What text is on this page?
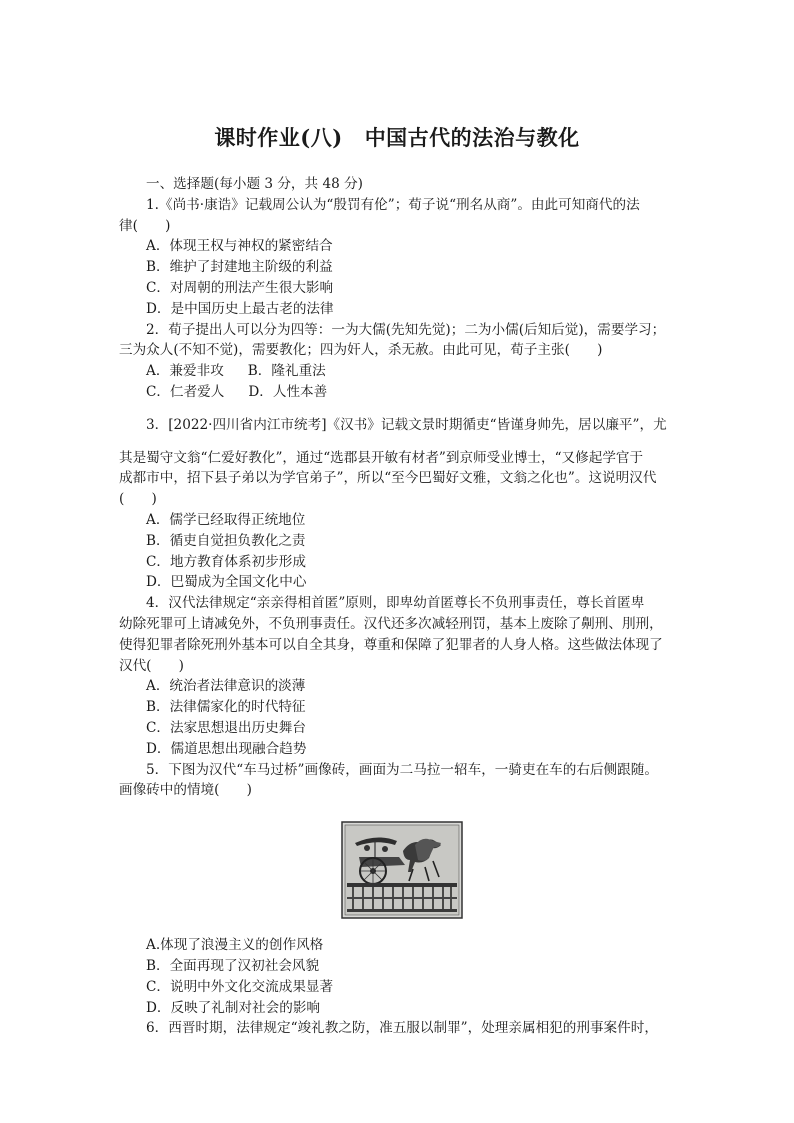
课时作业(八) 中国古代的法治与教化

一、选择题(每小题 3 分，共 48 分)

1.《尚书·康诰》记载周公认为“殷罚有伦”；荀子说“刑名从商”。由此可知商代的法

律(　　)

A．体现王权与神权的紧密结合

B．维护了封建地主阶级的利益

C．对周朝的刑法产生很大影响

D．是中国历史上最古老的法律

2．荀子提出人可以分为四等：一为大儒(先知先觉)；二为小儒(后知后觉)，需要学习；

三为众人(不知不觉)，需要教化；四为奸人，杀无赦。由此可见，荀子主张(　　)

A．兼爱非攻 B．隆礼重法

C．仁者爱人 D．人性本善

3．[2022·四川省内江市统考]《汉书》记载文景时期循吏“皆谨身帅先，居以廉平”，尤

其是蜀守文翁“仁爱好教化”，通过“选郡县开敏有材者”到京师受业博士，“又修起学官于

成都市中，招下县子弟以为学官弟子”，所以“至今巴蜀好文雅，文翁之化也”。这说明汉代

(　　)

A．儒学已经取得正统地位

B．循吏自觉担负教化之责

C．地方教育体系初步形成

D．巴蜀成为全国文化中心

4．汉代法律规定“亲亲得相首匿”原则，即卑幼首匿尊长不负刑事责任，尊长首匿卑

幼除死罪可上请减免外，不负刑事责任。汉代还多次减轻刑罚，基本上废除了劓刑、刖刑，

使得犯罪者除死刑外基本可以自全其身，尊重和保障了犯罪者的人身人格。这些做法体现了

汉代(　　)

A．统治者法律意识的淡薄

B．法律儒家化的时代特征

C．法家思想退出历史舞台

D．儒道思想出现融合趋势

5．下图为汉代“车马过桥”画像砖，画面为二马拉一轺车，一骑吏在车的右后侧跟随。

画像砖中的情境(　　)

A.体现了浪漫主义的创作风格

B．全面再现了汉初社会风貌

C．说明中外文化交流成果显著

D．反映了礼制对社会的影响

6．西晋时期，法律规定“竣礼教之防，准五服以制罪”，处理亲属相犯的刑事案件时，
